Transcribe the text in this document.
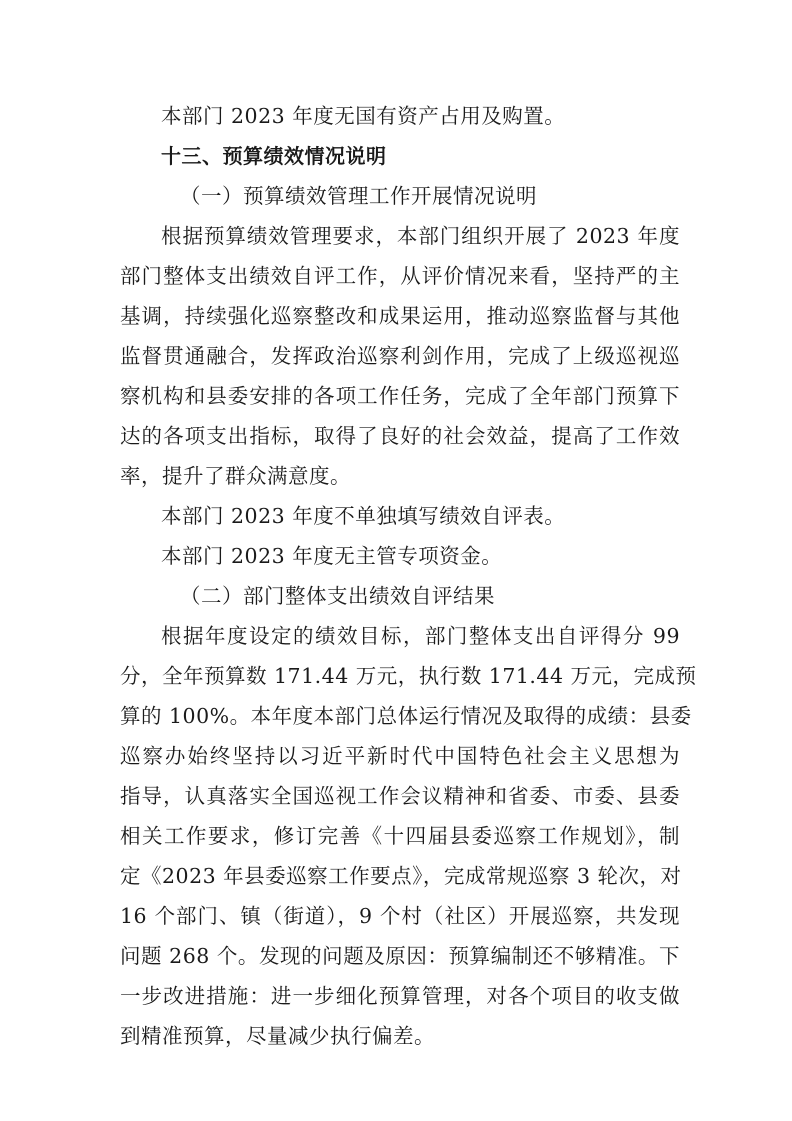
本部门 2023 年度无国有资产占用及购置。
十三、预算绩效情况说明
（一）预算绩效管理工作开展情况说明
根据预算绩效管理要求，本部门组织开展了 2023 年度
部门整体支出绩效自评工作，从评价情况来看，坚持严的主
基调，持续强化巡察整改和成果运用，推动巡察监督与其他
监督贯通融合，发挥政治巡察利剑作用，完成了上级巡视巡
察机构和县委安排的各项工作任务，完成了全年部门预算下
达的各项支出指标，取得了良好的社会效益，提高了工作效
率，提升了群众满意度。
本部门 2023 年度不单独填写绩效自评表。
本部门 2023 年度无主管专项资金。
（二）部门整体支出绩效自评结果
根据年度设定的绩效目标，部门整体支出自评得分 99
分，全年预算数 171.44 万元，执行数 171.44 万元，完成预
算的 100%。本年度本部门总体运行情况及取得的成绩：县委
巡察办始终坚持以习近平新时代中国特色社会主义思想为
指导，认真落实全国巡视工作会议精神和省委、市委、县委
相关工作要求，修订完善《十四届县委巡察工作规划》，制
定《2023 年县委巡察工作要点》，完成常规巡察 3 轮次，对
16 个部门、镇（街道），9 个村（社区）开展巡察，共发现
问题 268 个。发现的问题及原因：预算编制还不够精准。下
一步改进措施：进一步细化预算管理，对各个项目的收支做
到精准预算，尽量减少执行偏差。
